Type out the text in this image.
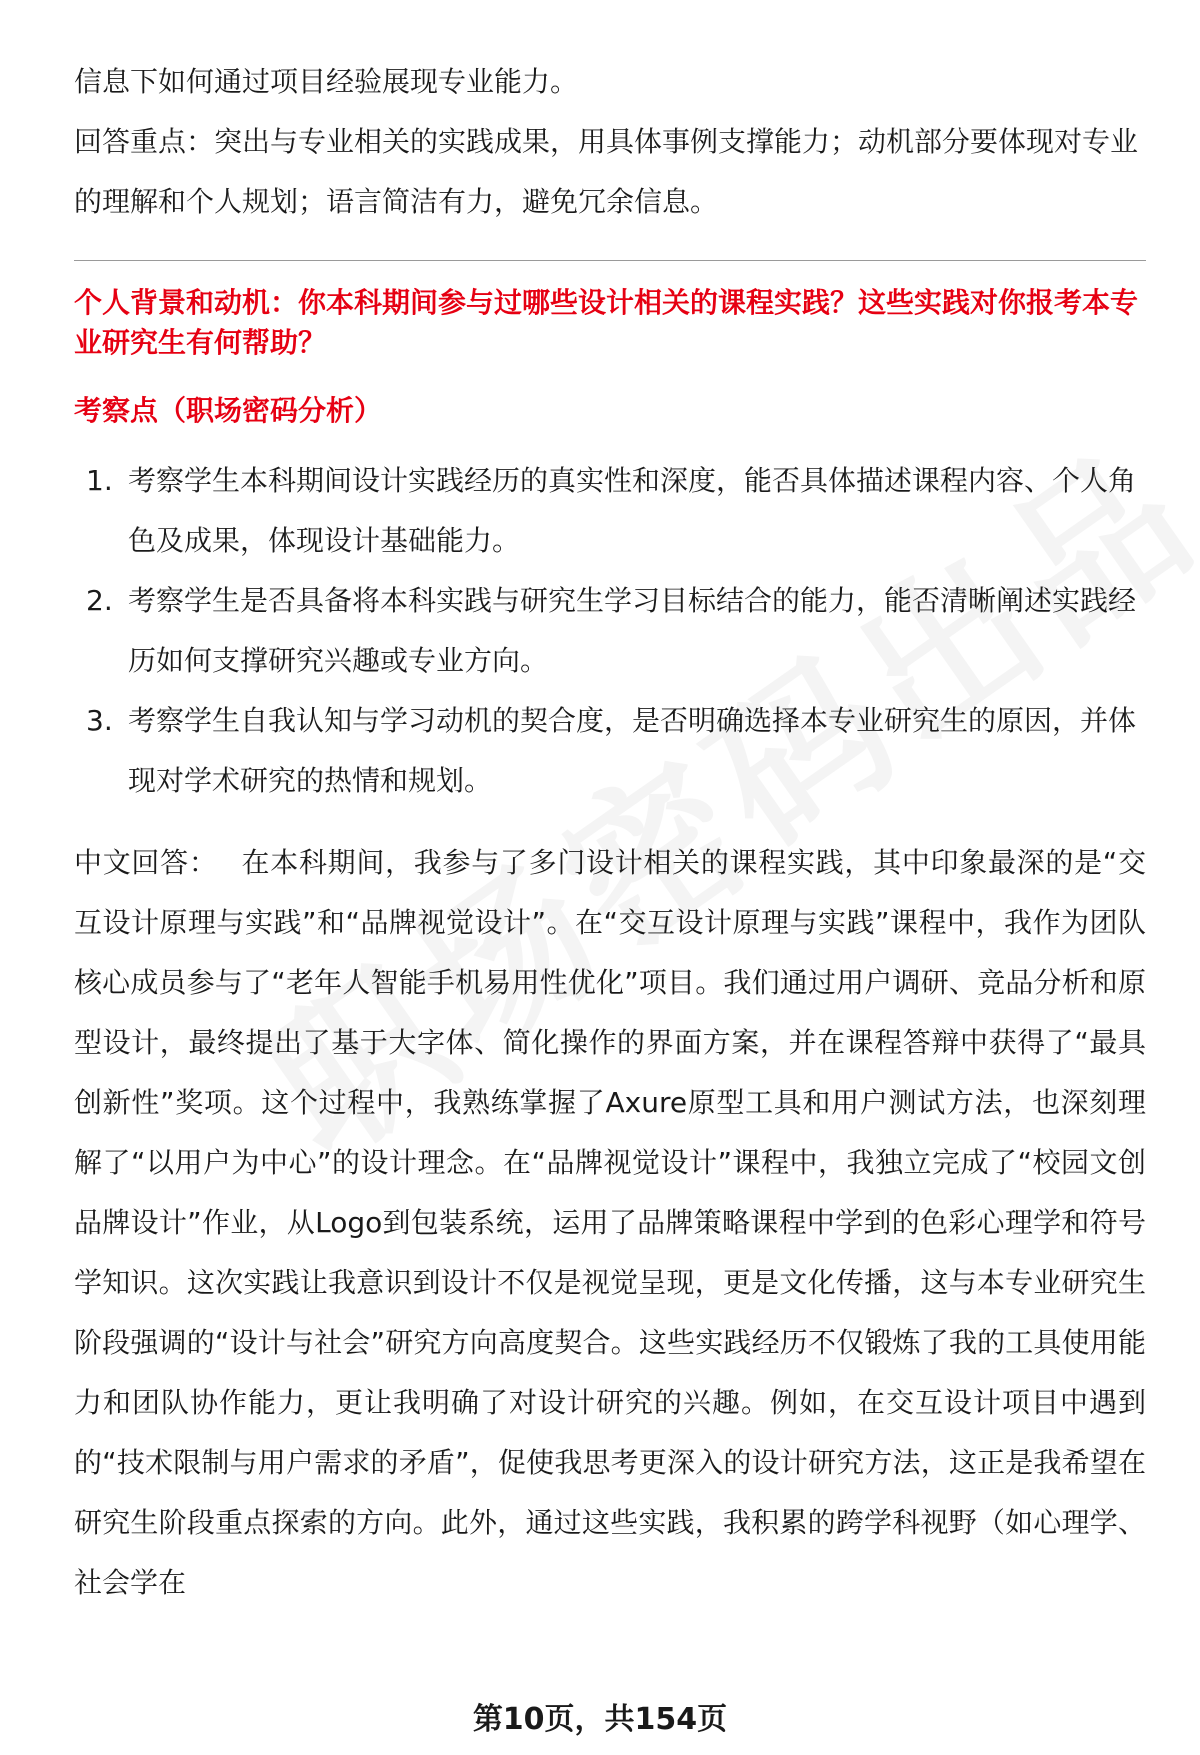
信息下如何通过项目经验展现专业能力。

回答重点：突出与专业相关的实践成果，用具体事例支撑能力；动机部分要体现对专业的理解和个人规划；语言简洁有力，避免冗余信息。

个人背景和动机：你本科期间参与过哪些设计相关的课程实践？这些实践对你报考本专业研究生有何帮助？

考察点（职场密码分析）

1. 考察学生本科期间设计实践经历的真实性和深度，能否具体描述课程内容、个人角色及成果，体现设计基础能力。
2. 考察学生是否具备将本科实践与研究生学习目标结合的能力，能否清晰阐述实践经历如何支撑研究兴趣或专业方向。
3. 考察学生自我认知与学习动机的契合度，是否明确选择本专业研究生的原因，并体现对学术研究的热情和规划。

中文回答： 在本科期间，我参与了多门设计相关的课程实践，其中印象最深的是“交互设计原理与实践”和“品牌视觉设计”。在“交互设计原理与实践”课程中，我作为团队核心成员参与了“老年人智能手机易用性优化”项目。我们通过用户调研、竞品分析和原型设计，最终提出了基于大字体、简化操作的界面方案，并在课程答辩中获得了“最具创新性”奖项。这个过程中，我熟练掌握了Axure原型工具和用户测试方法，也深刻理解了“以用户为中心”的设计理念。在“品牌视觉设计”课程中，我独立完成了“校园文创品牌设计”作业，从Logo到包装系统，运用了品牌策略课程中学到的色彩心理学和符号学知识。这次实践让我意识到设计不仅是视觉呈现，更是文化传播，这与本专业研究生阶段强调的“设计与社会”研究方向高度契合。这些实践经历不仅锻炼了我的工具使用能力和团队协作能力，更让我明确了对设计研究的兴趣。例如，在交互设计项目中遇到的“技术限制与用户需求的矛盾”，促使我思考更深入的设计研究方法，这正是我希望在研究生阶段重点探索的方向。此外，通过这些实践，我积累的跨学科视野（如心理学、社会学在

第10页，共154页
